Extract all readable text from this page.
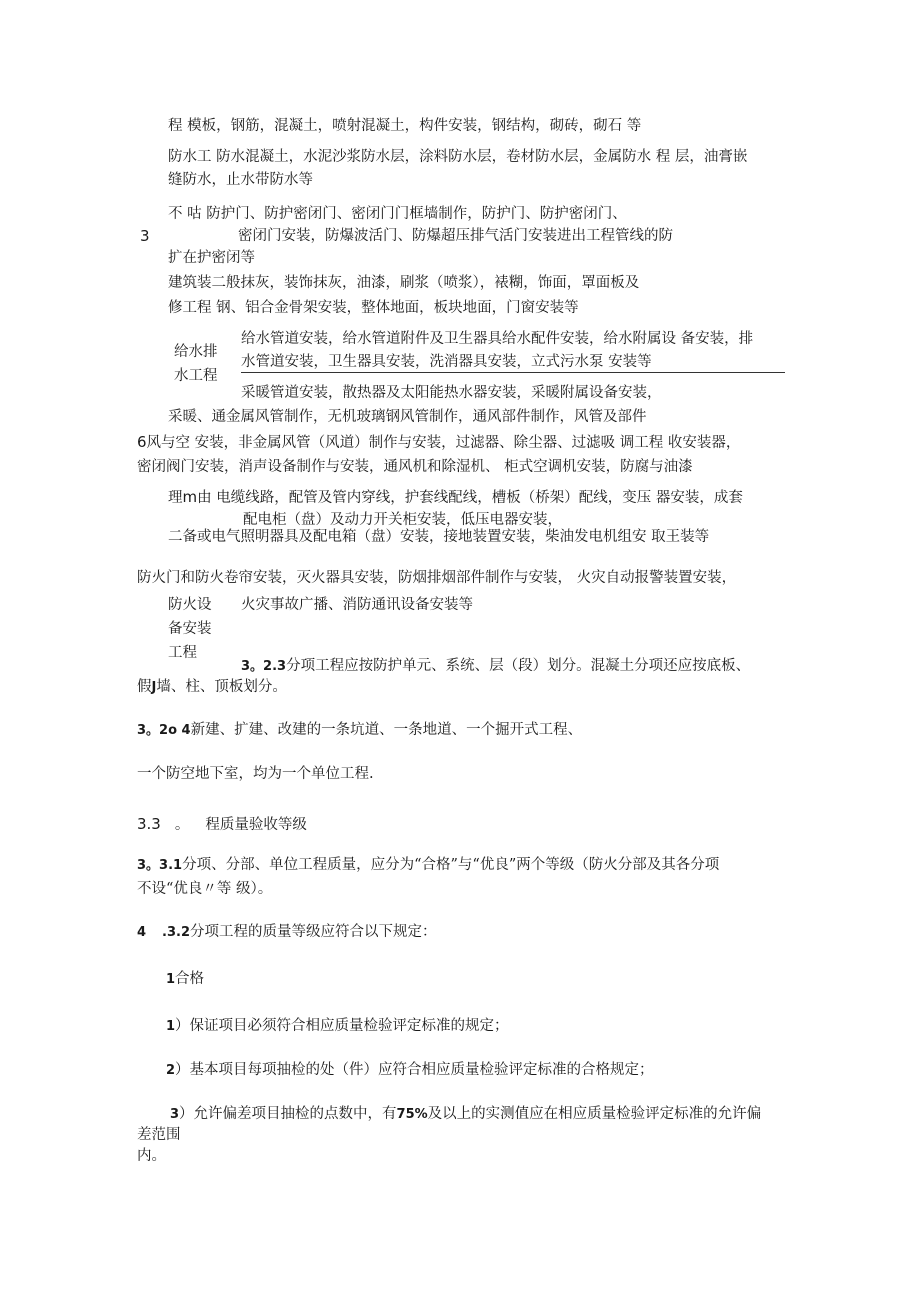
程 模板，钢筋，混凝土，喷射混凝土，构件安装，钢结构，砌砖，砌石 等
防水工 防水混凝土，水泥沙浆防水层，涂料防水层，卷材防水层，金属防水 程 层，油膏嵌
缝防水，止水带防水等
不 咕 防护门、防护密闭门、密闭门门框墙制作，防护门、防护密闭门、
3	密闭门安装，防爆波活门、防爆超压排气活门安装进出工程管线的防
扩在护密闭等
建筑装二般抹灰，装饰抹灰，油漆，刷浆（喷浆），裱糊，饰面，罩面板及
修工程 钢、铝合金骨架安装，整体地面，板块地面，门窗安装等
给水管道安装，给水管道附件及卫生器具给水配件安装，给水附属设 备安装，排
给水排
水管道安装，卫生器具安装，洗消器具安装，立式污水泵 安装等
水工程
采暖管道安装，散热器及太阳能热水器安装，采暖附属设备安装，
采暖、通金属风管制作，无机玻璃钢风管制作，通风部件制作，风管及部件
6风与空 安装，非金属风管（风道）制作与安装，过滤器、除尘器、过滤吸 调工程 收安装器，
密闭阀门安装，消声设备制作与安装，通风机和除湿机、 柜式空调机安装，防腐与油漆
理m由 电缆线路，配管及管内穿线，护套线配线，槽板（桥架）配线，变压 器安装，成套
配电柜（盘）及动力开关柜安装，低压电器安装，
二备或电气照明器具及配电箱（盘）安装，接地装置安装，柴油发电机组安 取王装等
防火门和防火卷帘安装，灭火器具安装，防烟排烟部件制作与安装， 火灾自动报警装置安装，
防火设 火灾事故广播、消防通讯设备安装等
备安装
工程
3。2.3分项工程应按防护单元、系统、层（段）划分。混凝土分项还应按底板、
假J墙、柱、顶板划分。
3。2o 4新建、扩建、改建的一条坑道、一条地道、一个掘开式工程、
一个防空地下室，均为一个单位工程.
3.3 。 程质量验收等级
3。3.1分项、分部、单位工程质量，应分为“合格”与“优良”两个等级（防火分部及其各分项
不设“优良〃等 级）。
4 .3.2分项工程的质量等级应符合以下规定：
1合格
1）保证项目必须符合相应质量检验评定标准的规定；
2）基本项目每项抽检的处（件）应符合相应质量检验评定标准的合格规定；
3）允许偏差项目抽检的点数中，有75%及以上的实测值应在相应质量检验评定标准的允许偏
差范围
内。
